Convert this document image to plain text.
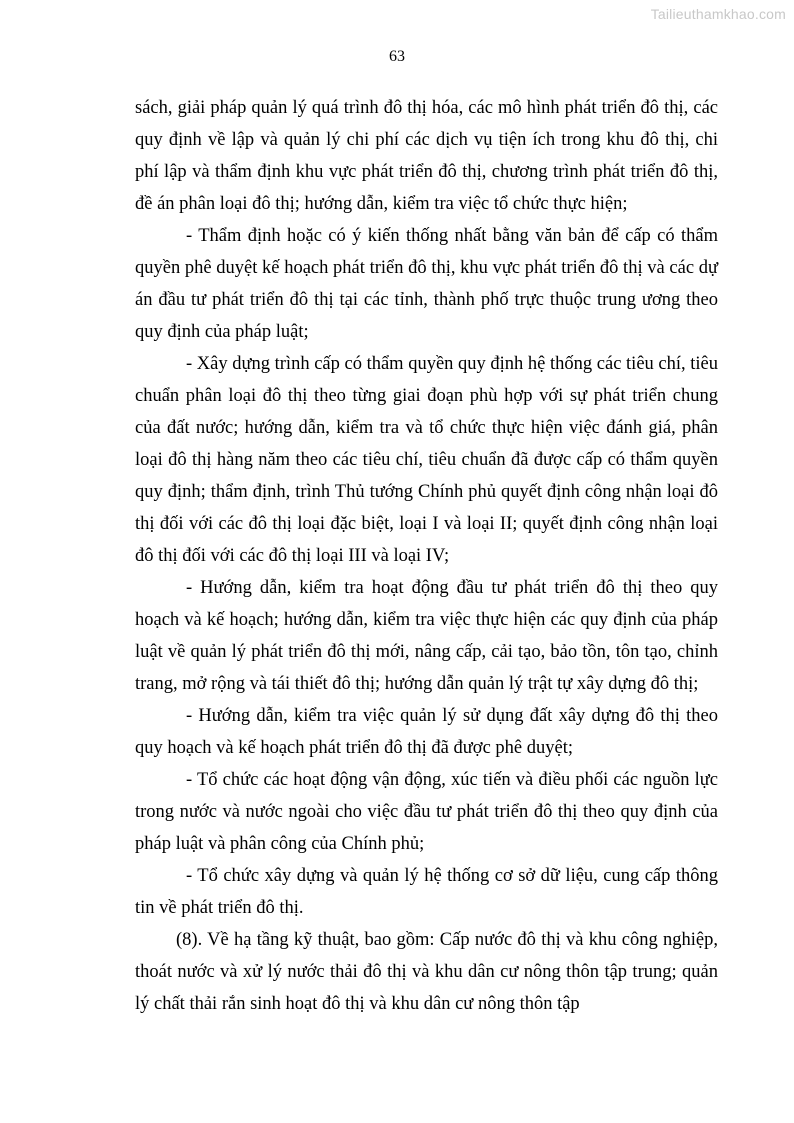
Tailieuthamkhao.com
63

sách, giải pháp quản lý quá trình đô thị hóa, các mô hình phát triển đô thị, các quy định về lập và quản lý chi phí các dịch vụ tiện ích trong khu đô thị, chi phí lập và thẩm định khu vực phát triển đô thị, chương trình phát triển đô thị, đề án phân loại đô thị; hướng dẫn, kiểm tra việc tổ chức thực hiện;

- Thẩm định hoặc có ý kiến thống nhất bằng văn bản để cấp có thẩm quyền phê duyệt kế hoạch phát triển đô thị, khu vực phát triển đô thị và các dự án đầu tư phát triển đô thị tại các tỉnh, thành phố trực thuộc trung ương theo quy định của pháp luật;

- Xây dựng trình cấp có thẩm quyền quy định hệ thống các tiêu chí, tiêu chuẩn phân loại đô thị theo từng giai đoạn phù hợp với sự phát triển chung của đất nước; hướng dẫn, kiểm tra và tổ chức thực hiện việc đánh giá, phân loại đô thị hàng năm theo các tiêu chí, tiêu chuẩn đã được cấp có thẩm quyền quy định; thẩm định, trình Thủ tướng Chính phủ quyết định công nhận loại đô thị đối với các đô thị loại đặc biệt, loại I và loại II; quyết định công nhận loại đô thị đối với các đô thị loại III và loại IV;

- Hướng dẫn, kiểm tra hoạt động đầu tư phát triển đô thị theo quy hoạch và kế hoạch; hướng dẫn, kiểm tra việc thực hiện các quy định của pháp luật về quản lý phát triển đô thị mới, nâng cấp, cải tạo, bảo tồn, tôn tạo, chỉnh trang, mở rộng và tái thiết đô thị; hướng dẫn quản lý trật tự xây dựng đô thị;

- Hướng dẫn, kiểm tra việc quản lý sử dụng đất xây dựng đô thị theo quy hoạch và kế hoạch phát triển đô thị đã được phê duyệt;

- Tổ chức các hoạt động vận động, xúc tiến và điều phối các nguồn lực trong nước và nước ngoài cho việc đầu tư phát triển đô thị theo quy định của pháp luật và phân công của Chính phủ;

- Tổ chức xây dựng và quản lý hệ thống cơ sở dữ liệu, cung cấp thông tin về phát triển đô thị.

(8). Về hạ tầng kỹ thuật, bao gồm: Cấp nước đô thị và khu công nghiệp, thoát nước và xử lý nước thải đô thị và khu dân cư nông thôn tập trung; quản lý chất thải rắn sinh hoạt đô thị và khu dân cư nông thôn tập
